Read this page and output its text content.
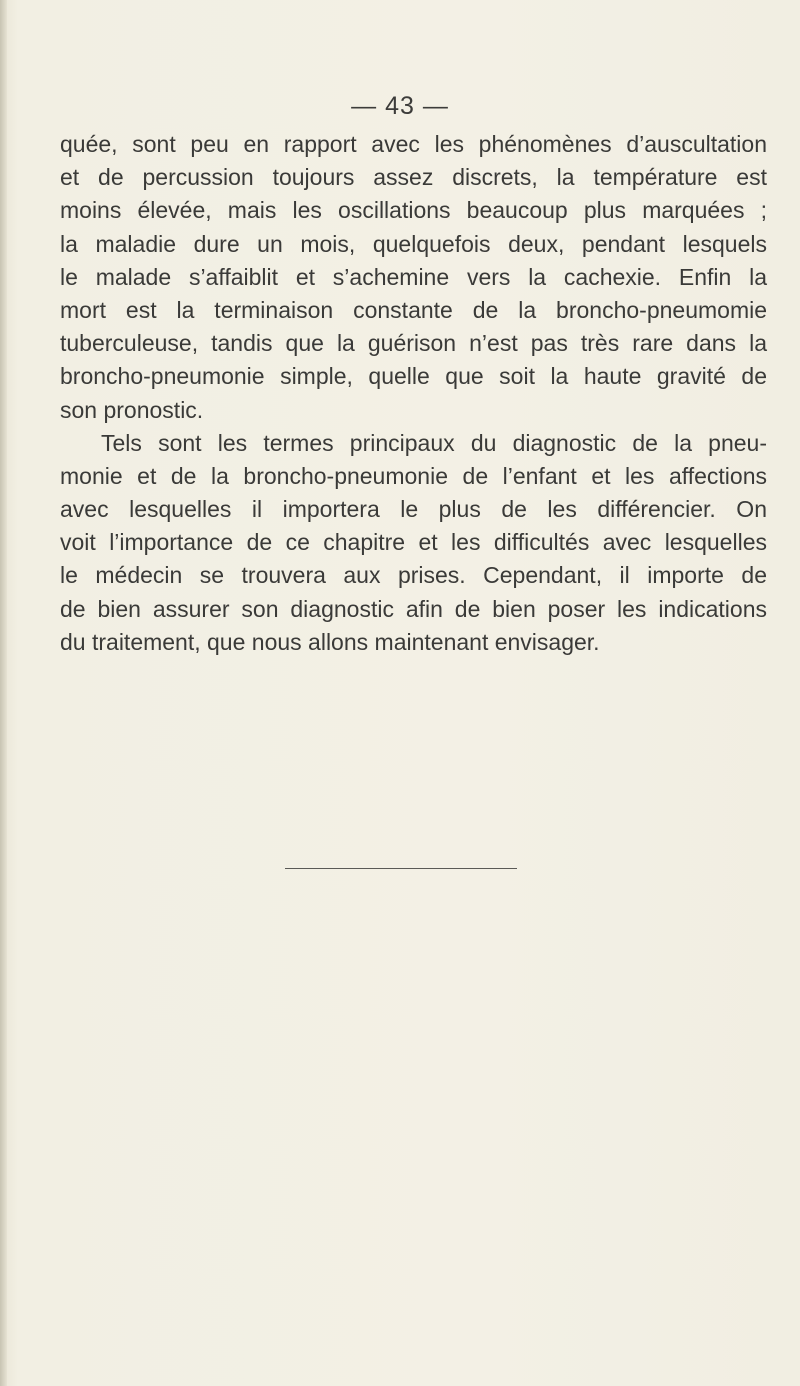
— 43 —
quée, sont peu en rapport avec les phénomènes d’auscultation
et de percussion toujours assez discrets, la température est
moins élevée, mais les oscillations beaucoup plus marquées ;
la maladie dure un mois, quelquefois deux, pendant lesquels
le malade s’affaiblit et s’achemine vers la cachexie. Enfin la
mort est la terminaison constante de la broncho-pneumomie
tuberculeuse, tandis que la guérison n’est pas très rare dans la
broncho-pneumonie simple, quelle que soit la haute gravité de
son pronostic.
Tels sont les termes principaux du diagnostic de la pneu-
monie et de la broncho-pneumonie de l’enfant et les affections
avec lesquelles il importera le plus de les différencier. On
voit l’importance de ce chapitre et les difficultés avec lesquelles
le médecin se trouvera aux prises. Cependant, il importe de
de bien assurer son diagnostic afin de bien poser les indications
du traitement, que nous allons maintenant envisager.
